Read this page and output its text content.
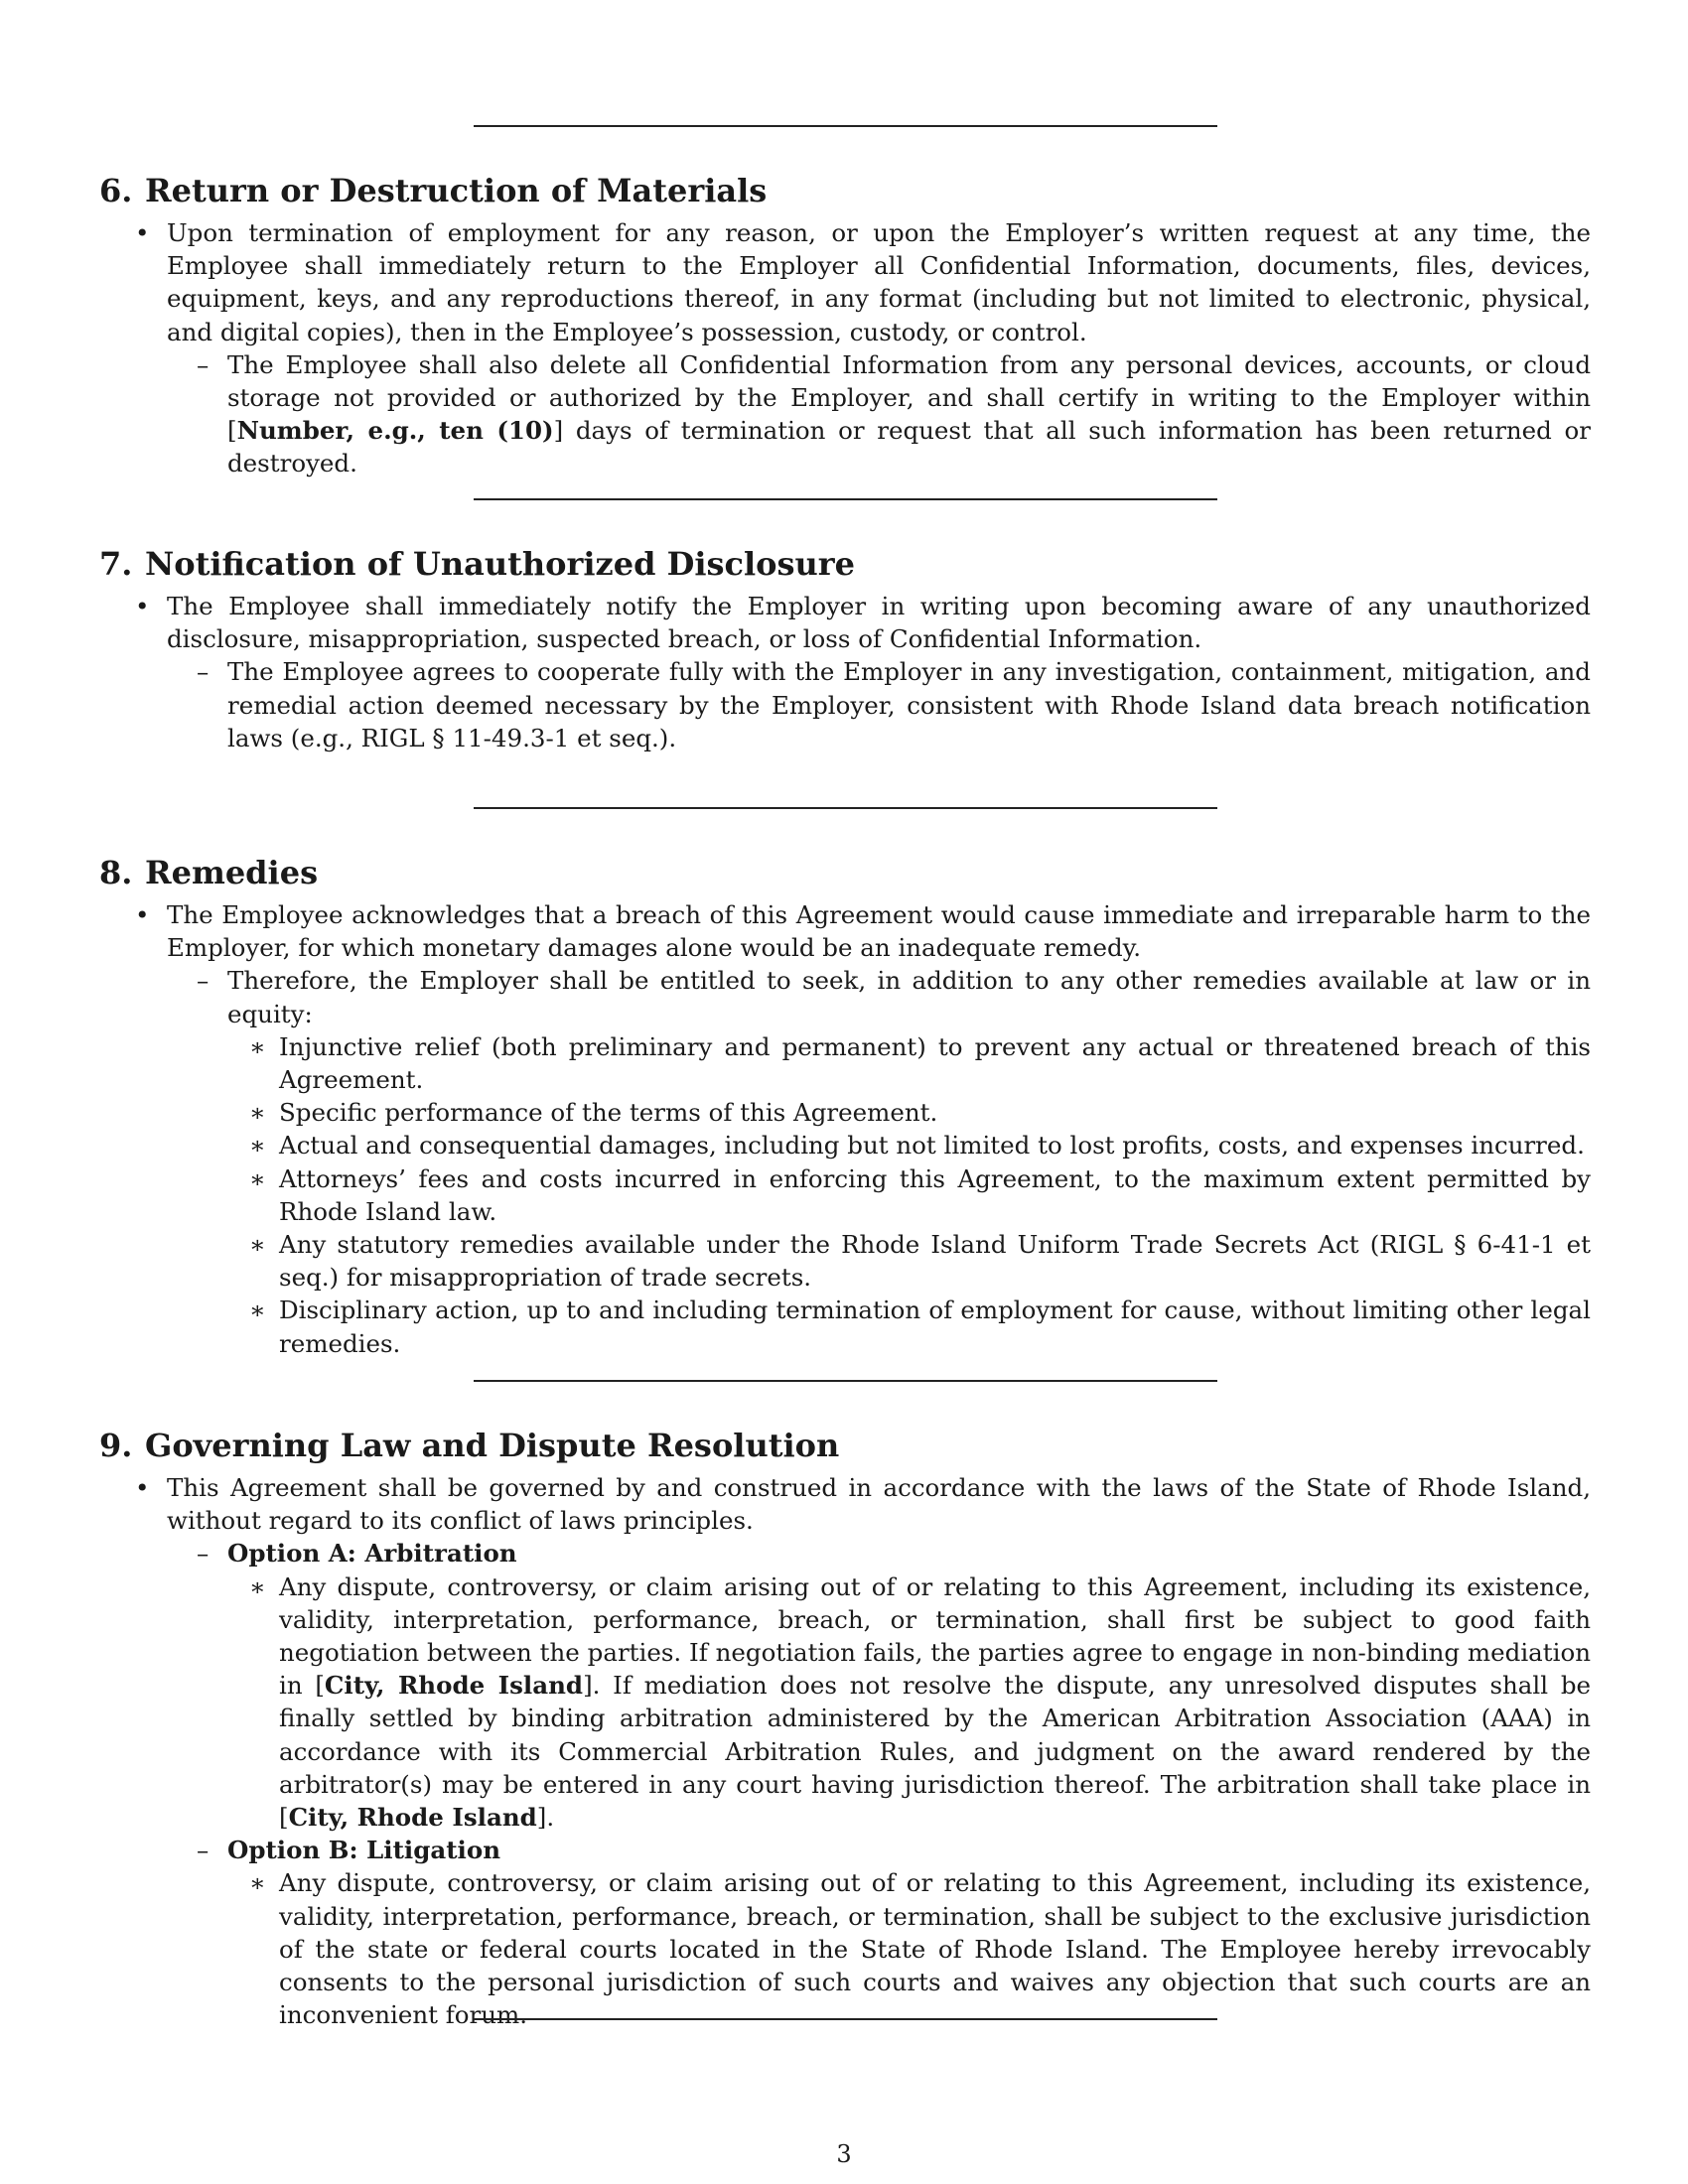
6. Return or Destruction of Materials
• Upon termination of employment for any reason, or upon the Employer’s written request at any time, the Employee shall immediately return to the Employer all Confidential Information, documents, files, devices, equipment, keys, and any reproductions thereof, in any format (including but not limited to electronic, physical, and digital copies), then in the Employee’s possession, custody, or control.
– The Employee shall also delete all Confidential Information from any personal devices, accounts, or cloud storage not provided or authorized by the Employer, and shall certify in writing to the Employer within [Number, e.g., ten (10)] days of termination or request that all such information has been returned or destroyed.
7. Notification of Unauthorized Disclosure
• The Employee shall immediately notify the Employer in writing upon becoming aware of any unauthorized disclosure, misappropriation, suspected breach, or loss of Confidential Information.
– The Employee agrees to cooperate fully with the Employer in any investigation, containment, mitigation, and remedial action deemed necessary by the Employer, consistent with Rhode Island data breach notification laws (e.g., RIGL § 11-49.3-1 et seq.).
8. Remedies
• The Employee acknowledges that a breach of this Agreement would cause immediate and irreparable harm to the Employer, for which monetary damages alone would be an inadequate remedy.
– Therefore, the Employer shall be entitled to seek, in addition to any other remedies available at law or in equity:
∗ Injunctive relief (both preliminary and permanent) to prevent any actual or threatened breach of this Agreement.
∗ Specific performance of the terms of this Agreement.
∗ Actual and consequential damages, including but not limited to lost profits, costs, and expenses incurred.
∗ Attorneys’ fees and costs incurred in enforcing this Agreement, to the maximum extent permitted by Rhode Island law.
∗ Any statutory remedies available under the Rhode Island Uniform Trade Secrets Act (RIGL § 6-41-1 et seq.) for misappropriation of trade secrets.
∗ Disciplinary action, up to and including termination of employment for cause, without limiting other legal remedies.
9. Governing Law and Dispute Resolution
• This Agreement shall be governed by and construed in accordance with the laws of the State of Rhode Island, without regard to its conflict of laws principles.
– Option A: Arbitration
∗ Any dispute, controversy, or claim arising out of or relating to this Agreement, including its existence, validity, interpretation, performance, breach, or termination, shall first be subject to good faith negotiation between the parties. If negotiation fails, the parties agree to engage in non-binding mediation in [City, Rhode Island]. If mediation does not resolve the dispute, any unresolved disputes shall be finally settled by binding arbitration administered by the American Arbitration Association (AAA) in accordance with its Commercial Arbitration Rules, and judgment on the award rendered by the arbitrator(s) may be entered in any court having jurisdiction thereof. The arbitration shall take place in [City, Rhode Island].
– Option B: Litigation
∗ Any dispute, controversy, or claim arising out of or relating to this Agreement, including its existence, validity, interpretation, performance, breach, or termination, shall be subject to the exclusive jurisdiction of the state or federal courts located in the State of Rhode Island. The Employee hereby irrevocably consents to the personal jurisdiction of such courts and waives any objection that such courts are an inconvenient forum.
3
